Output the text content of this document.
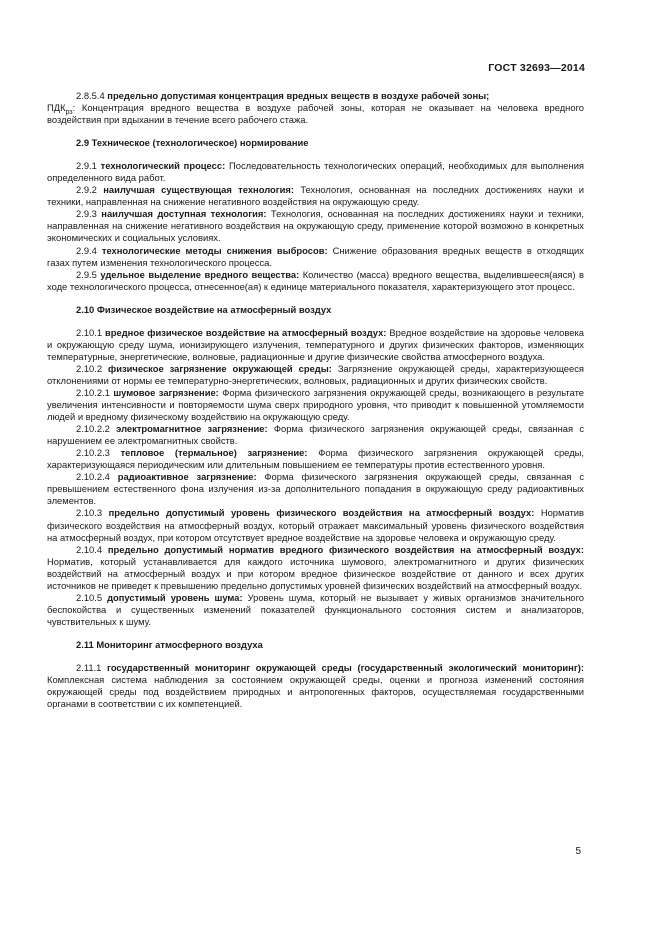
ГОСТ 32693—2014

2.8.5.4 предельно допустимая концентрация вредных веществ в воздухе рабочей зоны;
$ПДК_{рз}$: Концентрация вредного вещества в воздухе рабочей зоны, которая не оказывает на человека вредного воздействия при вдыхании в течение всего рабочего стажа.

2.9 Техническое (технологическое) нормирование

2.9.1 технологический процесс: Последовательность технологических операций, необходимых для выполнения определенного вида работ.

2.9.2 наилучшая существующая технология: Технология, основанная на последних достижениях науки и техники, направленная на снижение негативного воздействия на окружающую среду.

2.9.3 наилучшая доступная технология: Технология, основанная на последних достижениях науки и техники, направленная на снижение негативного воздействия на окружающую среду, применение которой возможно в конкретных экономических и социальных условиях.

2.9.4 технологические методы снижения выбросов: Снижение образования вредных веществ в отходящих газах путем изменения технологического процесса.

2.9.5 удельное выделение вредного вещества: Количество (масса) вредного вещества, выделившееся(аяся) в ходе технологического процесса, отнесенное(ая) к единице материального показателя, характеризующего этот процесс.

2.10 Физическое воздействие на атмосферный воздух

2.10.1 вредное физическое воздействие на атмосферный воздух: Вредное воздействие на здоровье человека и окружающую среду шума, ионизирующего излучения, температурного и других физических факторов, изменяющих температурные, энергетические, волновые, радиационные и другие физические свойства атмосферного воздуха.

2.10.2 физическое загрязнение окружающей среды: Загрязнение окружающей среды, характеризующееся отклонениями от нормы ее температурно-энергетических, волновых, радиационных и других физических свойств.

2.10.2.1 шумовое загрязнение: Форма физического загрязнения окружающей среды, возникающего в результате увеличения интенсивности и повторяемости шума сверх природного уровня, что приводит к повышенной утомляемости людей и вредному физическому воздействию на окружающую среду.

2.10.2.2 электромагнитное загрязнение: Форма физического загрязнения окружающей среды, связанная с нарушением ее электромагнитных свойств.

2.10.2.3 тепловое (термальное) загрязнение: Форма физического загрязнения окружающей среды, характеризующаяся периодическим или длительным повышением ее температуры против естественного уровня.

2.10.2.4 радиоактивное загрязнение: Форма физического загрязнения окружающей среды, связанная с превышением естественного фона излучения из-за дополнительного попадания в окружающую среду радиоактивных элементов.

2.10.3 предельно допустимый уровень физического воздействия на атмосферный воздух: Норматив физического воздействия на атмосферный воздух, который отражает максимальный уровень физического воздействия на атмосферный воздух, при котором отсутствует вредное воздействие на здоровье человека и окружающую среду.

2.10.4 предельно допустимый норматив вредного физического воздействия на атмосферный воздух: Норматив, который устанавливается для каждого источника шумового, электромагнитного и других физических воздействий на атмосферный воздух и при котором вредное физическое воздействие от данного и всех других источников не приведет к превышению предельно допустимых уровней физических воздействий на атмосферный воздух.

2.10.5 допустимый уровень шума: Уровень шума, который не вызывает у живых организмов значительного беспокойства и существенных изменений показателей функционального состояния систем и анализаторов, чувствительных к шуму.

2.11 Мониторинг атмосферного воздуха

2.11.1 государственный мониторинг окружающей среды (государственный экологический мониторинг): Комплексная система наблюдения за состоянием окружающей среды, оценки и прогноза изменений состояния окружающей среды под воздействием природных и антропогенных факторов, осуществляемая государственными органами в соответствии с их компетенцией.

5
